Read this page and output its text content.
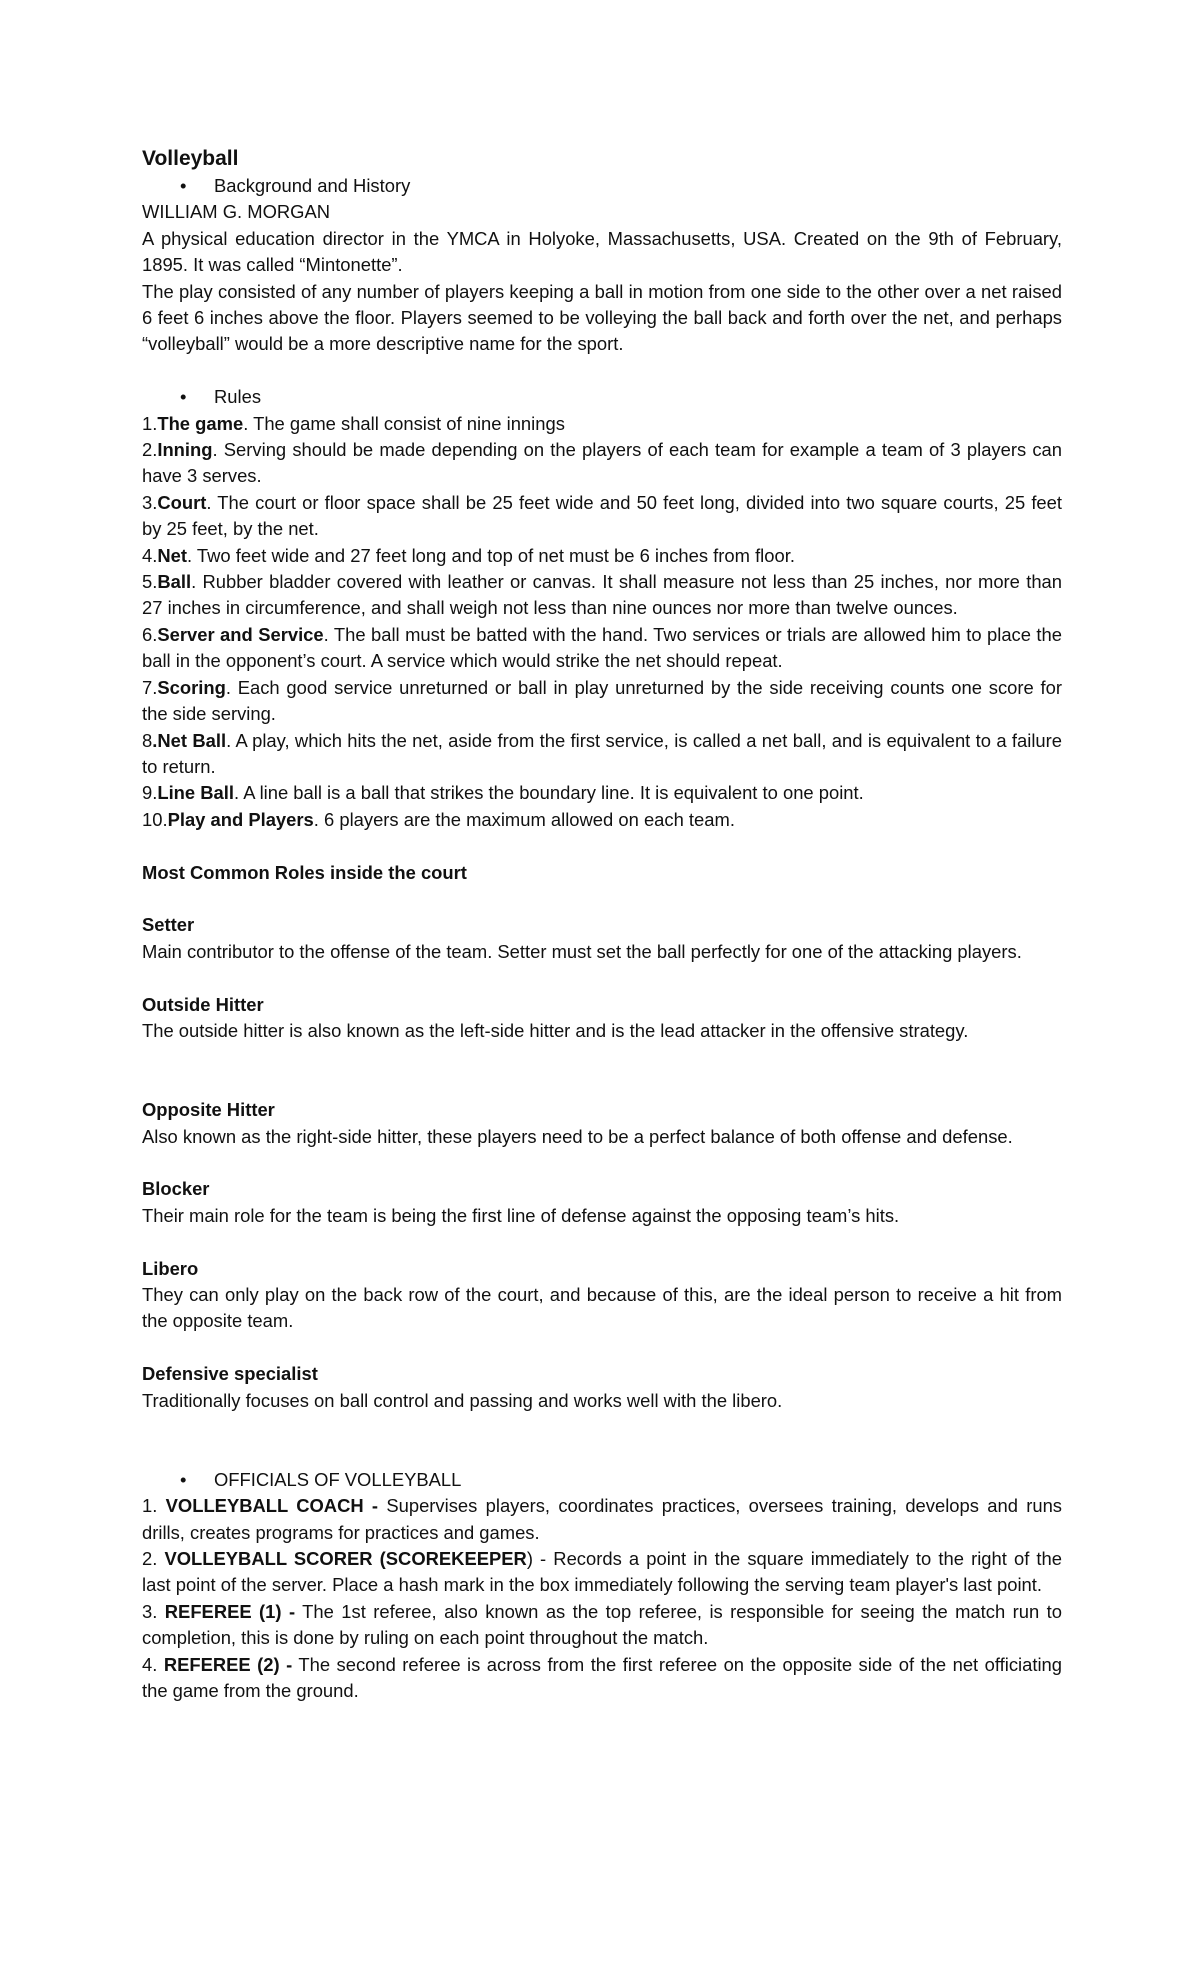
Volleyball

• Background and History

WILLIAM G. MORGAN

A physical education director in the YMCA in Holyoke, Massachusetts, USA. Created on the 9th of February, 1895. It was called “Mintonette”.

The play consisted of any number of players keeping a ball in motion from one side to the other over a net raised 6 feet 6 inches above the floor. Players seemed to be volleying the ball back and forth over the net, and perhaps “volleyball” would be a more descriptive name for the sport.

• Rules

1.The game. The game shall consist of nine innings

2.Inning. Serving should be made depending on the players of each team for example a team of 3 players can have 3 serves.

3.Court. The court or floor space shall be 25 feet wide and 50 feet long, divided into two square courts, 25 feet by 25 feet, by the net.

4.Net. Two feet wide and 27 feet long and top of net must be 6 inches from floor.

5.Ball. Rubber bladder covered with leather or canvas. It shall measure not less than 25 inches, nor more than 27 inches in circumference, and shall weigh not less than nine ounces nor more than twelve ounces.

6.Server and Service. The ball must be batted with the hand. Two services or trials are allowed him to place the ball in the opponent’s court. A service which would strike the net should repeat.

7.Scoring. Each good service unreturned or ball in play unreturned by the side receiving counts one score for the side serving.

8.Net Ball. A play, which hits the net, aside from the first service, is called a net ball, and is equivalent to a failure to return.

9.Line Ball. A line ball is a ball that strikes the boundary line. It is equivalent to one point.

10.Play and Players. 6 players are the maximum allowed on each team.

Most Common Roles inside the court

Setter

Main contributor to the offense of the team. Setter must set the ball perfectly for one of the attacking players.

Outside Hitter

The outside hitter is also known as the left-side hitter and is the lead attacker in the offensive strategy.

Opposite Hitter

Also known as the right-side hitter, these players need to be a perfect balance of both offense and defense.

Blocker

Their main role for the team is being the first line of defense against the opposing team’s hits.

Libero

They can only play on the back row of the court, and because of this, are the ideal person to receive a hit from the opposite team.

Defensive specialist

Traditionally focuses on ball control and passing and works well with the libero.

• OFFICIALS OF VOLLEYBALL

1. VOLLEYBALL COACH - Supervises players, coordinates practices, oversees training, develops and runs drills, creates programs for practices and games.

2. VOLLEYBALL SCORER (SCOREKEEPER) - Records a point in the square immediately to the right of the last point of the server. Place a hash mark in the box immediately following the serving team player's last point.

3. REFEREE (1) - The 1st referee, also known as the top referee, is responsible for seeing the match run to completion, this is done by ruling on each point throughout the match.

4. REFEREE (2) - The second referee is across from the first referee on the opposite side of the net officiating the game from the ground.
